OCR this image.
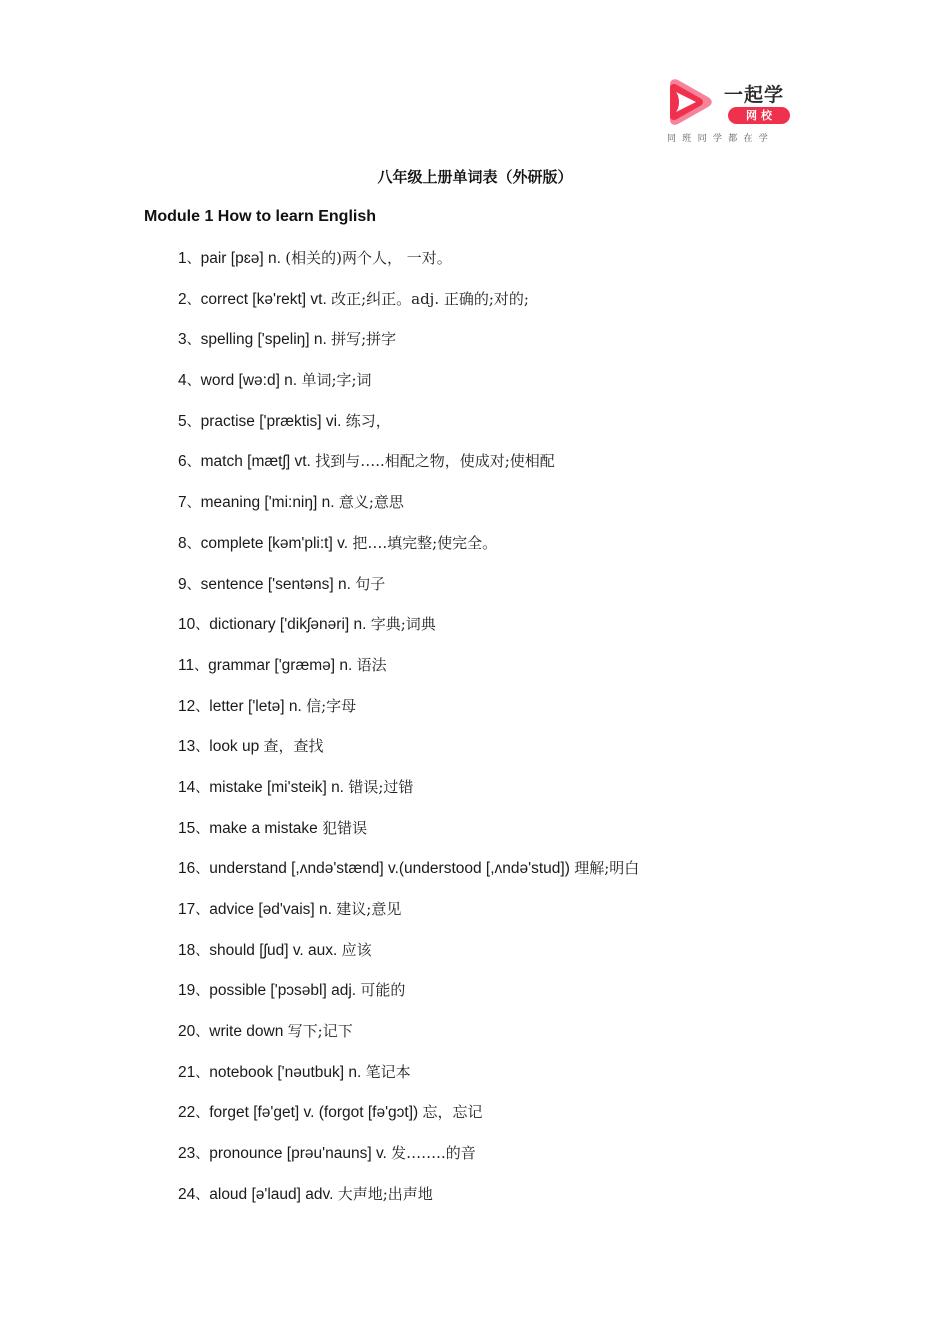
一起学
网校
同班同学都在学
八年级上册单词表（外研版）
Module 1 How to learn English
1、pair [pɛə] n. (相关的)两个人， 一对。
2、correct [kə'rekt] vt. 改正;纠正。adj. 正确的;对的;
3、spelling ['speliŋ] n. 拼写;拼字
4、word [wə:d] n. 单词;字;词
5、practise ['præktis] vi. 练习，
6、match [mætʃ] vt. 找到与…..相配之物，使成对;使相配
7、meaning ['mi:niŋ] n. 意义;意思
8、complete [kəm'pli:t] v. 把….填完整;使完全。
9、sentence ['sentəns] n. 句子
10、dictionary ['dikʃənəri] n. 字典;词典
11、grammar ['græmə] n. 语法
12、letter ['letə] n. 信;字母
13、look up 查，查找
14、mistake [mi'steik] n. 错误;过错
15、make a mistake 犯错误
16、understand [,ʌndə'stænd] v.(understood [,ʌndə'stud]) 理解;明白
17、advice [əd'vais] n. 建议;意见
18、should [ʃud] v. aux. 应该
19、possible ['pɔsəbl] adj. 可能的
20、write down 写下;记下
21、notebook ['nəutbuk] n. 笔记本
22、forget [fə'get] v. (forgot [fə'gɔt]) 忘，忘记
23、pronounce [prəu'nauns] v. 发……..的音
24、aloud [ə'laud] adv. 大声地;出声地
